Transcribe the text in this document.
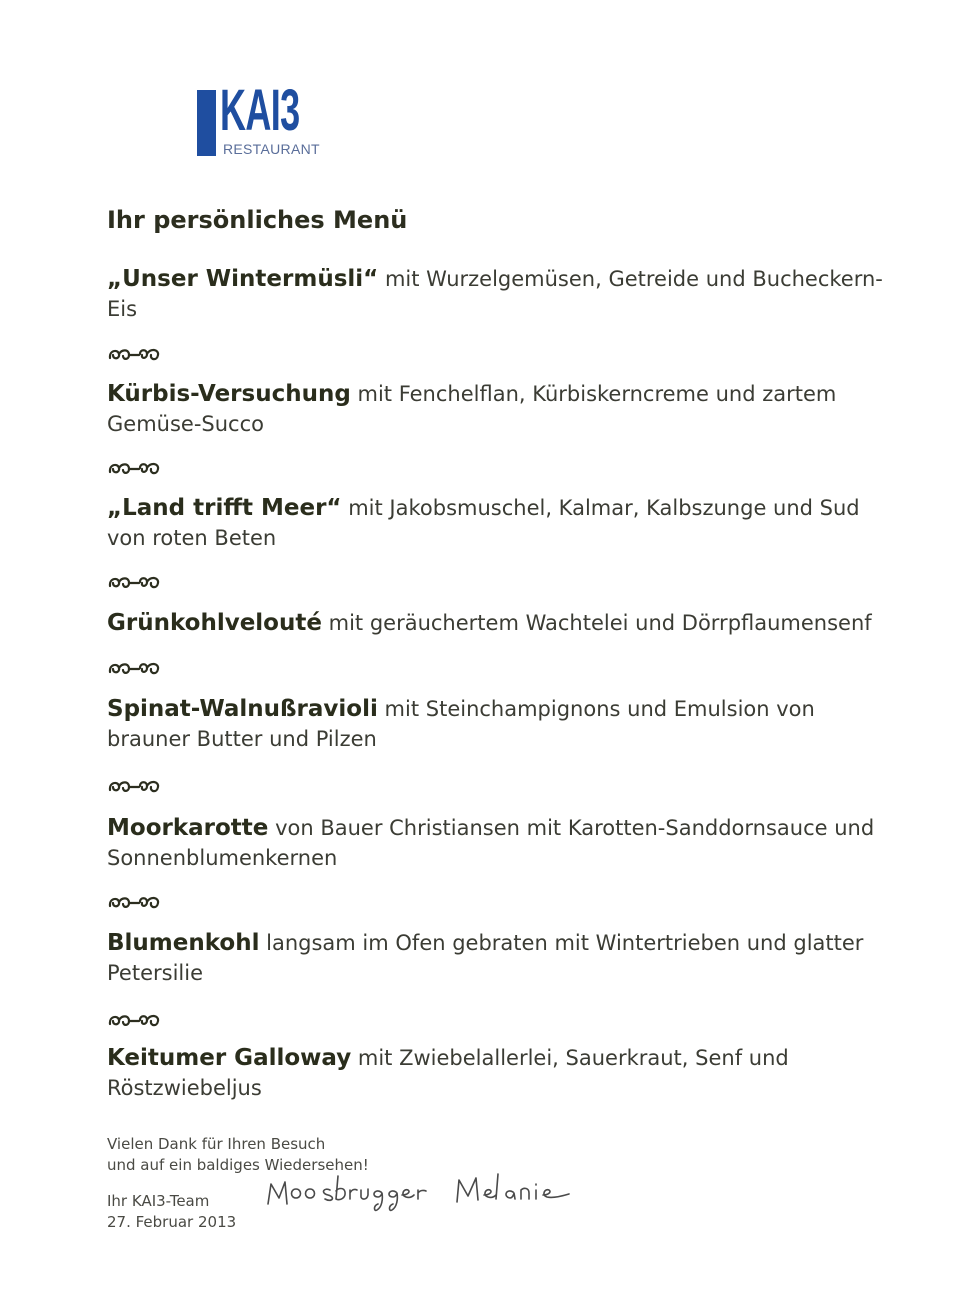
KAI3
RESTAURANT
Ihr persönliches Menü
„Unser Wintermüsli“ mit Wurzelgemüsen, Getreide und Bucheckern-Eis
Kürbis-Versuchung mit Fenchelflan, Kürbiskerncreme und zartem Gemüse-Succo
„Land trifft Meer“ mit Jakobsmuschel, Kalmar, Kalbszunge und Sud von roten Beten
Grünkohlvelouté mit geräuchertem Wachtelei und Dörrpflaumensenf
Spinat-Walnußravioli mit Steinchampignons und Emulsion von brauner Butter und Pilzen
Moorkarotte von Bauer Christiansen mit Karotten-Sanddornsauce und Sonnenblumenkernen
Blumenkohl langsam im Ofen gebraten mit Wintertrieben und glatter Petersilie
Keitumer Galloway mit Zwiebelallerlei, Sauerkraut, Senf und Röstzwiebeljus
Vielen Dank für Ihren Besuch
und auf ein baldiges Wiedersehen!
Ihr KAI3-Team
27. Februar 2013
